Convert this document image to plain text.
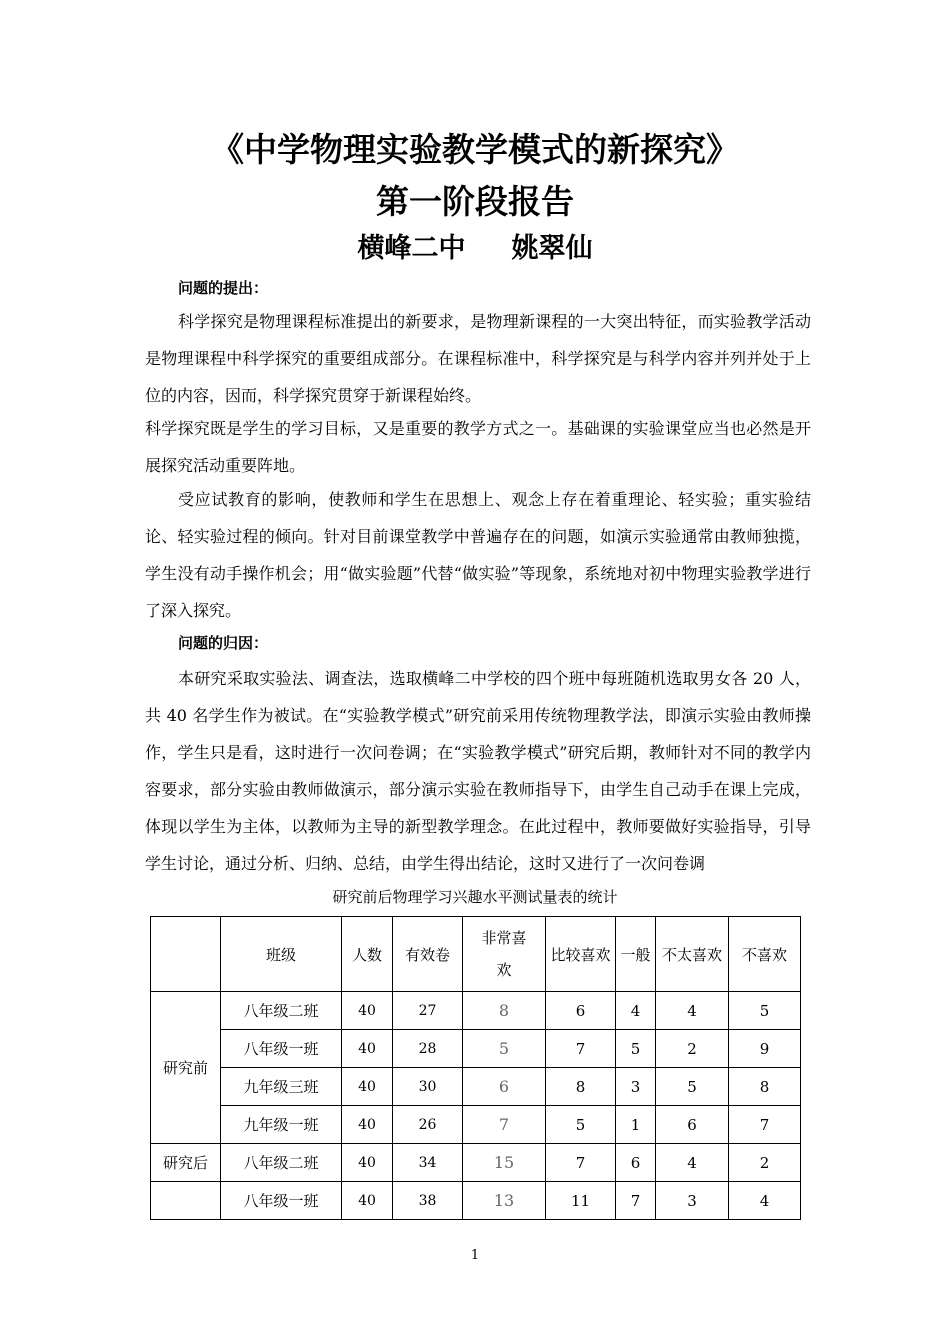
《中学物理实验教学模式的新探究》
第一阶段报告
横峰二中 姚翠仙
问题的提出：
科学探究是物理课程标准提出的新要求，是物理新课程的一大突出特征，而实验教学活动是物理课程中科学探究的重要组成部分。在课程标准中，科学探究是与科学内容并列并处于上位的内容，因而，科学探究贯穿于新课程始终。
科学探究既是学生的学习目标，又是重要的教学方式之一。基础课的实验课堂应当也必然是开展探究活动重要阵地。
受应试教育的影响，使教师和学生在思想上、观念上存在着重理论、轻实验；重实验结论、轻实验过程的倾向。针对目前课堂教学中普遍存在的问题，如演示实验通常由教师独揽，学生没有动手操作机会；用“做实验题”代替“做实验”等现象，系统地对初中物理实验教学进行了深入探究。
问题的归因：
本研究采取实验法、调查法，选取横峰二中学校的四个班中每班随机选取男女各 20 人，共 40 名学生作为被试。在“实验教学模式”研究前采用传统物理教学法，即演示实验由教师操作，学生只是看，这时进行一次问卷调；在“实验教学模式”研究后期，教师针对不同的教学内容要求，部分实验由教师做演示，部分演示实验在教师指导下，由学生自己动手在课上完成，体现以学生为主体，以教师为主导的新型教学理念。在此过程中，教师要做好实验指导，引导学生讨论，通过分析、归纳、总结，由学生得出结论，这时又进行了一次问卷调
研究前后物理学习兴趣水平测试量表的统计
	班级	人数	有效卷	非常喜欢	比较喜欢	一般	不太喜欢	不喜欢
研究前	八年级二班	40	27	8	6	4	4	5
	八年级一班	40	28	5	7	5	2	9
	九年级三班	40	30	6	8	3	5	8
	九年级一班	40	26	7	5	1	6	7
研究后	八年级二班	40	34	15	7	6	4	2
	八年级一班	40	38	13	11	7	3	4
1
